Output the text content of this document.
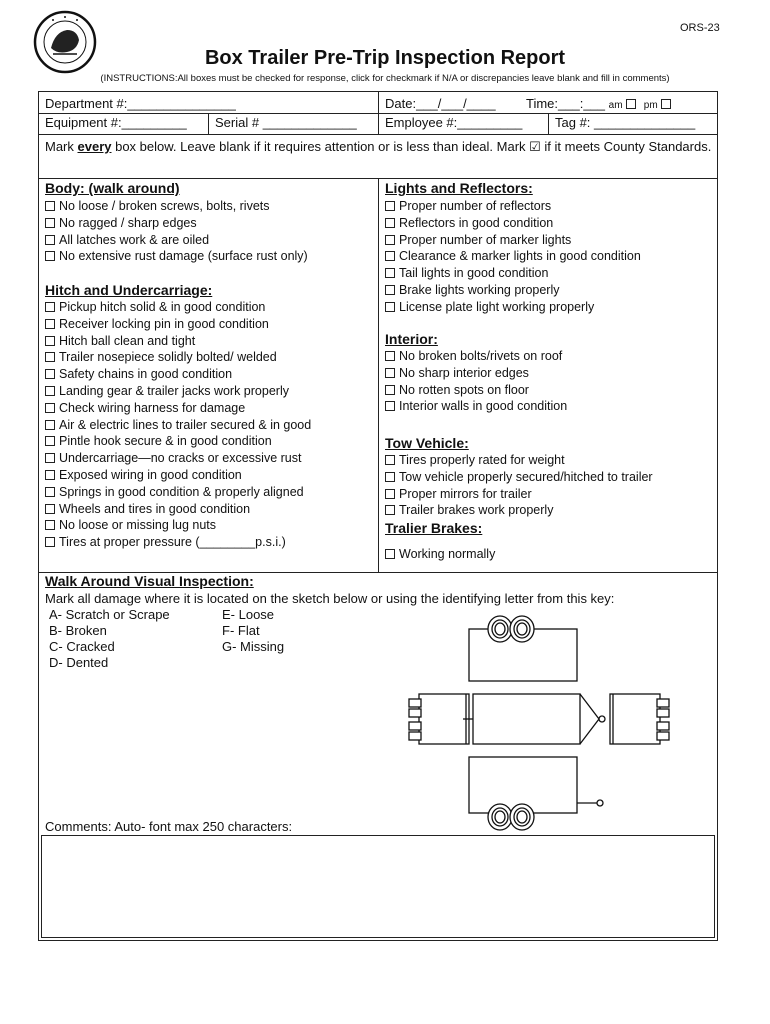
ORS-23
Box Trailer Pre-Trip Inspection Report
(INSTRUCTIONS:All boxes must be checked for response, click for checkmark if N/A or discrepancies leave blank and fill in comments)
Department #:_______________	Date:___/___/____ Time:___:___ am pm
Equipment #:_________ Serial # _____________ Employee #:_________	Tag #: ______________
Mark every box below. Leave blank if it requires attention or is less than ideal. Mark ☑ if it meets County Standards.
Body: (walk around)
No loose / broken screws, bolts, rivets
No ragged / sharp edges
All latches work & are oiled
No extensive rust damage (surface rust only)
Hitch and Undercarriage:
Pickup hitch solid & in good condition
Receiver locking pin in good condition
Hitch ball clean and tight
Trailer nosepiece solidly bolted/ welded
Safety chains in good condition
Landing gear & trailer jacks work properly
Check wiring harness for damage
Air & electric lines to trailer secured & in good
Pintle hook secure & in good condition
Undercarriage—no cracks or excessive rust
Exposed wiring in good condition
Springs in good condition & properly aligned
Wheels and tires in good condition
No loose or missing lug nuts
Tires at proper pressure (________p.s.i.)
Lights and Reflectors:
Proper number of reflectors
Reflectors in good condition
Proper number of marker lights
Clearance & marker lights in good condition
Tail lights in good condition
Brake lights working properly
License plate light working properly
Interior:
No broken bolts/rivets on roof
No sharp interior edges
No rotten spots on floor
Interior walls in good condition
Tow Vehicle:
Tires properly rated for weight
Tow vehicle properly secured/hitched to trailer
Proper mirrors for trailer
Trailer brakes work properly
Tralier Brakes:
Working normally
Walk Around Visual Inspection:
Mark all damage where it is located on the sketch below or using the identifying letter from this key:
A- Scratch or Scrape
B- Broken
C- Cracked
D- Dented
E- Loose
F- Flat
G- Missing
Comments: Auto- font max 250 characters:
